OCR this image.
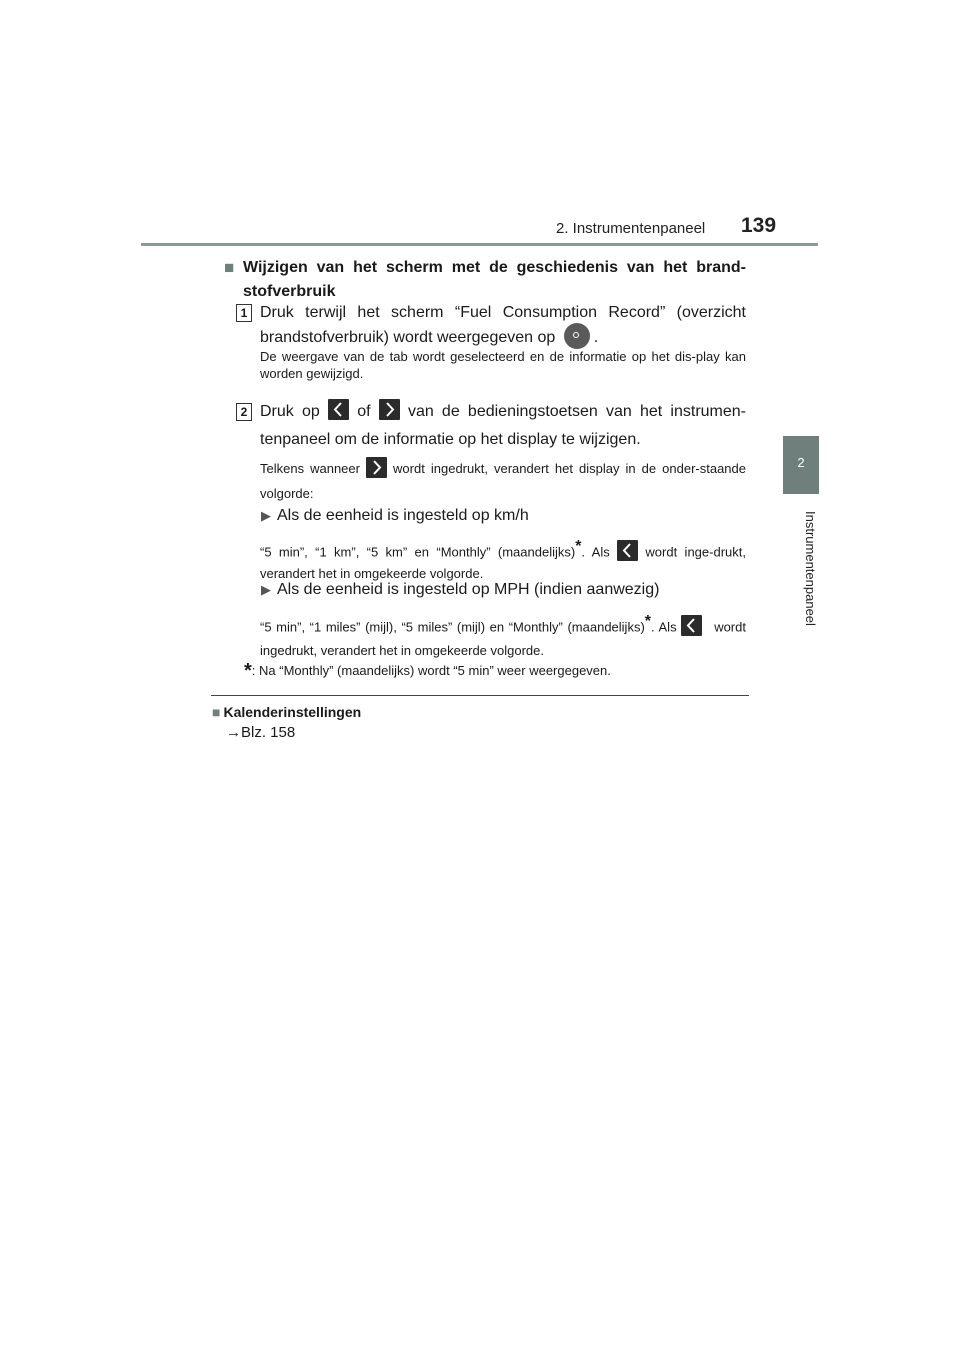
2. Instrumentenpaneel 139
2
Instrumentenpaneel
■ Wijzigen van het scherm met de geschiedenis van het brand-stofverbruik
1 Druk terwijl het scherm “Fuel Consumption Record” (overzicht brandstofverbruik) wordt weergegeven op .
De weergave van de tab wordt geselecteerd en de informatie op het dis-play kan worden gewijzigd.
2 Druk op of van de bedieningstoetsen van het instrumen-tenpaneel om de informatie op het display te wijzigen.
Telkens wanneer	wordt ingedrukt, verandert het display in de onder-staande volgorde:
▶ Als de eenheid is ingesteld op km/h
“5 min”, “1 km”, “5 km” en “Monthly” (maandelijks)*. Als	wordt inge-drukt, verandert het in omgekeerde volgorde.
▶ Als de eenheid is ingesteld op MPH (indien aanwezig)
“5 min”, “1 miles” (mijl), “5 miles” (mijl) en “Monthly” (maandelijks)*. Als	wordt ingedrukt, verandert het in omgekeerde volgorde.
*: Na “Monthly” (maandelijks) wordt “5 min” weer weergegeven.
■ Kalenderinstellingen
→Blz. 158
